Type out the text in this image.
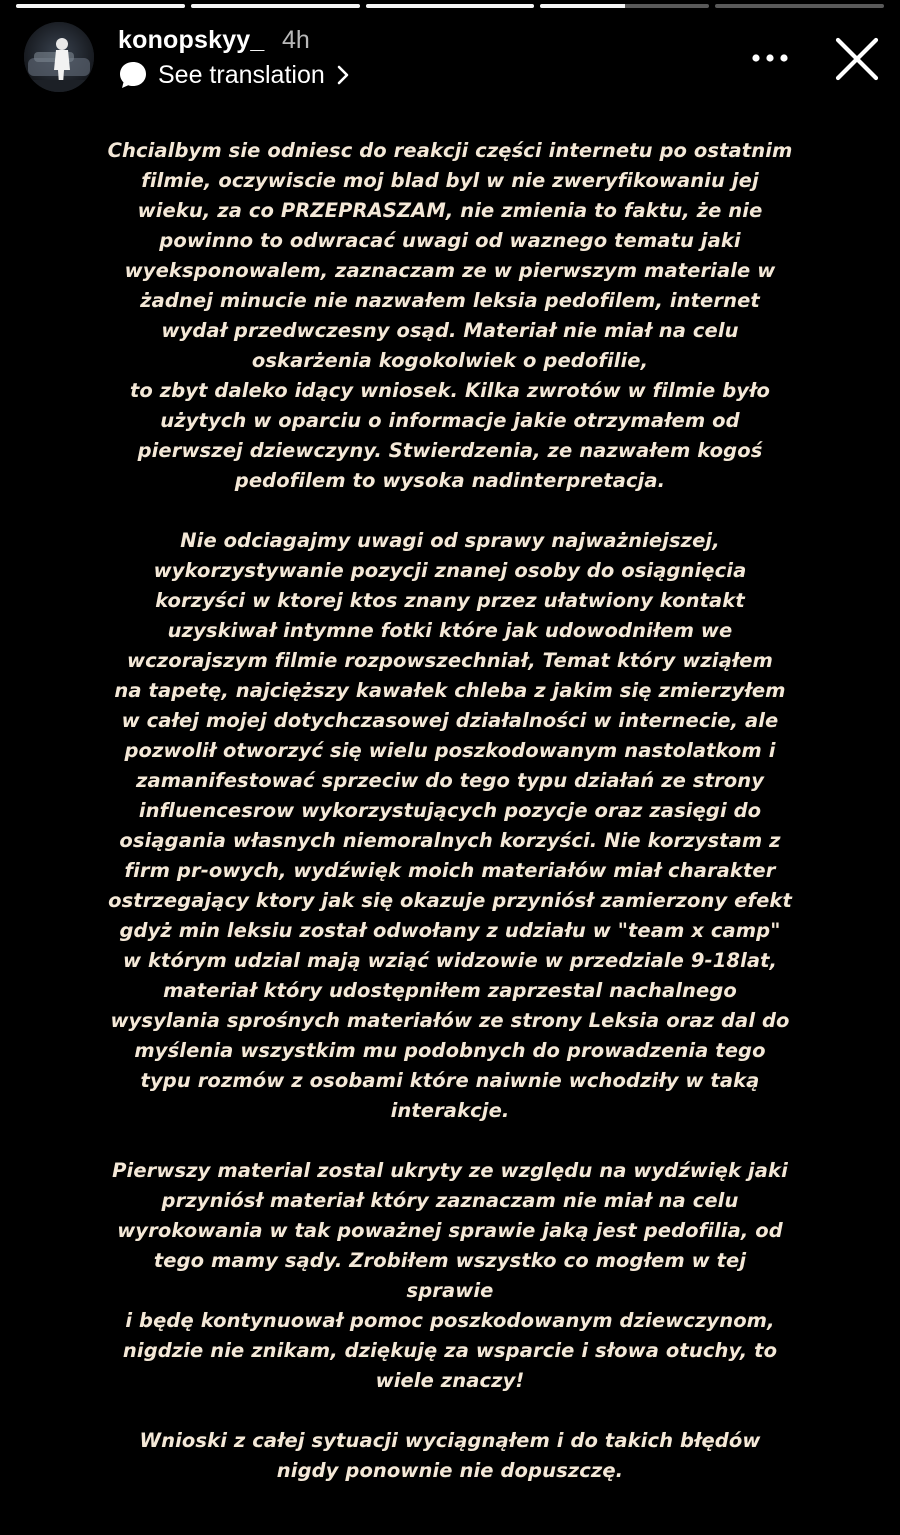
konopskyy_ 4h
See translation

Chcialbym sie odniesc do reakcji części internetu po ostatnim
filmie, oczywiscie moj blad byl w nie zweryfikowaniu jej
wieku, za co PRZEPRASZAM, nie zmienia to faktu, że nie
powinno to odwracać uwagi od waznego tematu jaki
wyeksponowalem, zaznaczam ze w pierwszym materiale w
żadnej minucie nie nazwałem leksia pedofilem, internet
wydał przedwczesny osąd. Materiał nie miał na celu
oskarżenia kogokolwiek o pedofilie,
to zbyt daleko idący wniosek. Kilka zwrotów w filmie było
użytych w oparciu o informacje jakie otrzymałem od
pierwszej dziewczyny. Stwierdzenia, ze nazwałem kogoś
pedofilem to wysoka nadinterpretacja.

Nie odciagajmy uwagi od sprawy najważniejszej,
wykorzystywanie pozycji znanej osoby do osiągnięcia
korzyści w ktorej ktos znany przez ułatwiony kontakt
uzyskiwał intymne fotki które jak udowodniłem we
wczorajszym filmie rozpowszechniał, Temat który wziąłem
na tapetę, najcięższy kawałek chleba z jakim się zmierzyłem
w całej mojej dotychczasowej działalności w internecie, ale
pozwolił otworzyć się wielu poszkodowanym nastolatkom i
zamanifestować sprzeciw do tego typu działań ze strony
influencesrow wykorzystujących pozycje oraz zasięgi do
osiągania własnych niemoralnych korzyści. Nie korzystam z
firm pr-owych, wydźwięk moich materiałów miał charakter
ostrzegający ktory jak się okazuje przyniósł zamierzony efekt
gdyż min leksiu został odwołany z udziału w "team x camp"
w którym udzial mają wziąć widzowie w przedziale 9-18lat,
materiał który udostępniłem zaprzestal nachalnego
wysylania sprośnych materiałów ze strony Leksia oraz dal do
myślenia wszystkim mu podobnych do prowadzenia tego
typu rozmów z osobami które naiwnie wchodziły w taką
interakcje.

Pierwszy material zostal ukryty ze względu na wydźwięk jaki
przyniósł materiał który zaznaczam nie miał na celu
wyrokowania w tak poważnej sprawie jaką jest pedofilia, od
tego mamy sądy. Zrobiłem wszystko co mogłem w tej
sprawie
i będę kontynuował pomoc poszkodowanym dziewczynom,
nigdzie nie znikam, dziękuję za wsparcie i słowa otuchy, to
wiele znaczy!

Wnioski z całej sytuacji wyciągnąłem i do takich błędów
nigdy ponownie nie dopuszczę.
